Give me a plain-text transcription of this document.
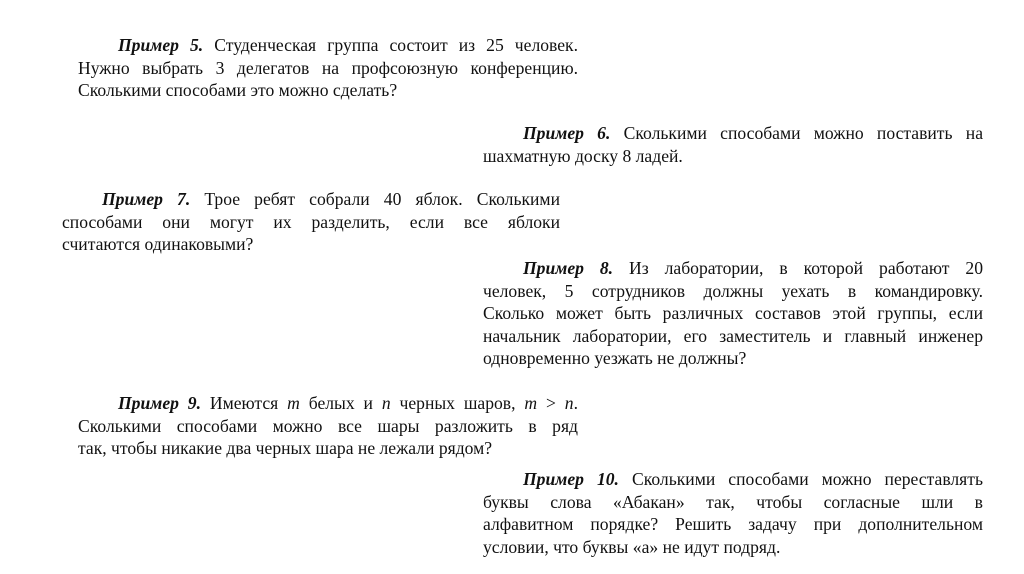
Пример 5. Студенческая группа состоит из 25 человек.
Нужно выбрать 3 делегатов на профсоюзную конференцию.
Сколькими способами это можно сделать?
Пример 6. Сколькими способами можно поставить на
шахматную доску 8 ладей.
Пример 7. Трое ребят собрали 40 яблок. Сколькими
способами они могут их разделить, если все яблоки
считаются одинаковыми?
Пример 8. Из лаборатории, в которой работают 20
человек, 5 сотрудников должны уехать в командировку.
Сколько может быть различных составов этой группы, если
начальник лаборатории, его заместитель и главный инженер
одновременно уезжать не должны?
Пример 9. Имеются m белых и n черных шаров, m > n.
Сколькими способами можно все шары разложить в ряд
так, чтобы никакие два черных шара не лежали рядом?
Пример 10. Сколькими способами можно переставлять
буквы слова «Абакан» так, чтобы согласные шли в
алфавитном порядке? Решить задачу при дополнительном
условии, что буквы «а» не идут подряд.
